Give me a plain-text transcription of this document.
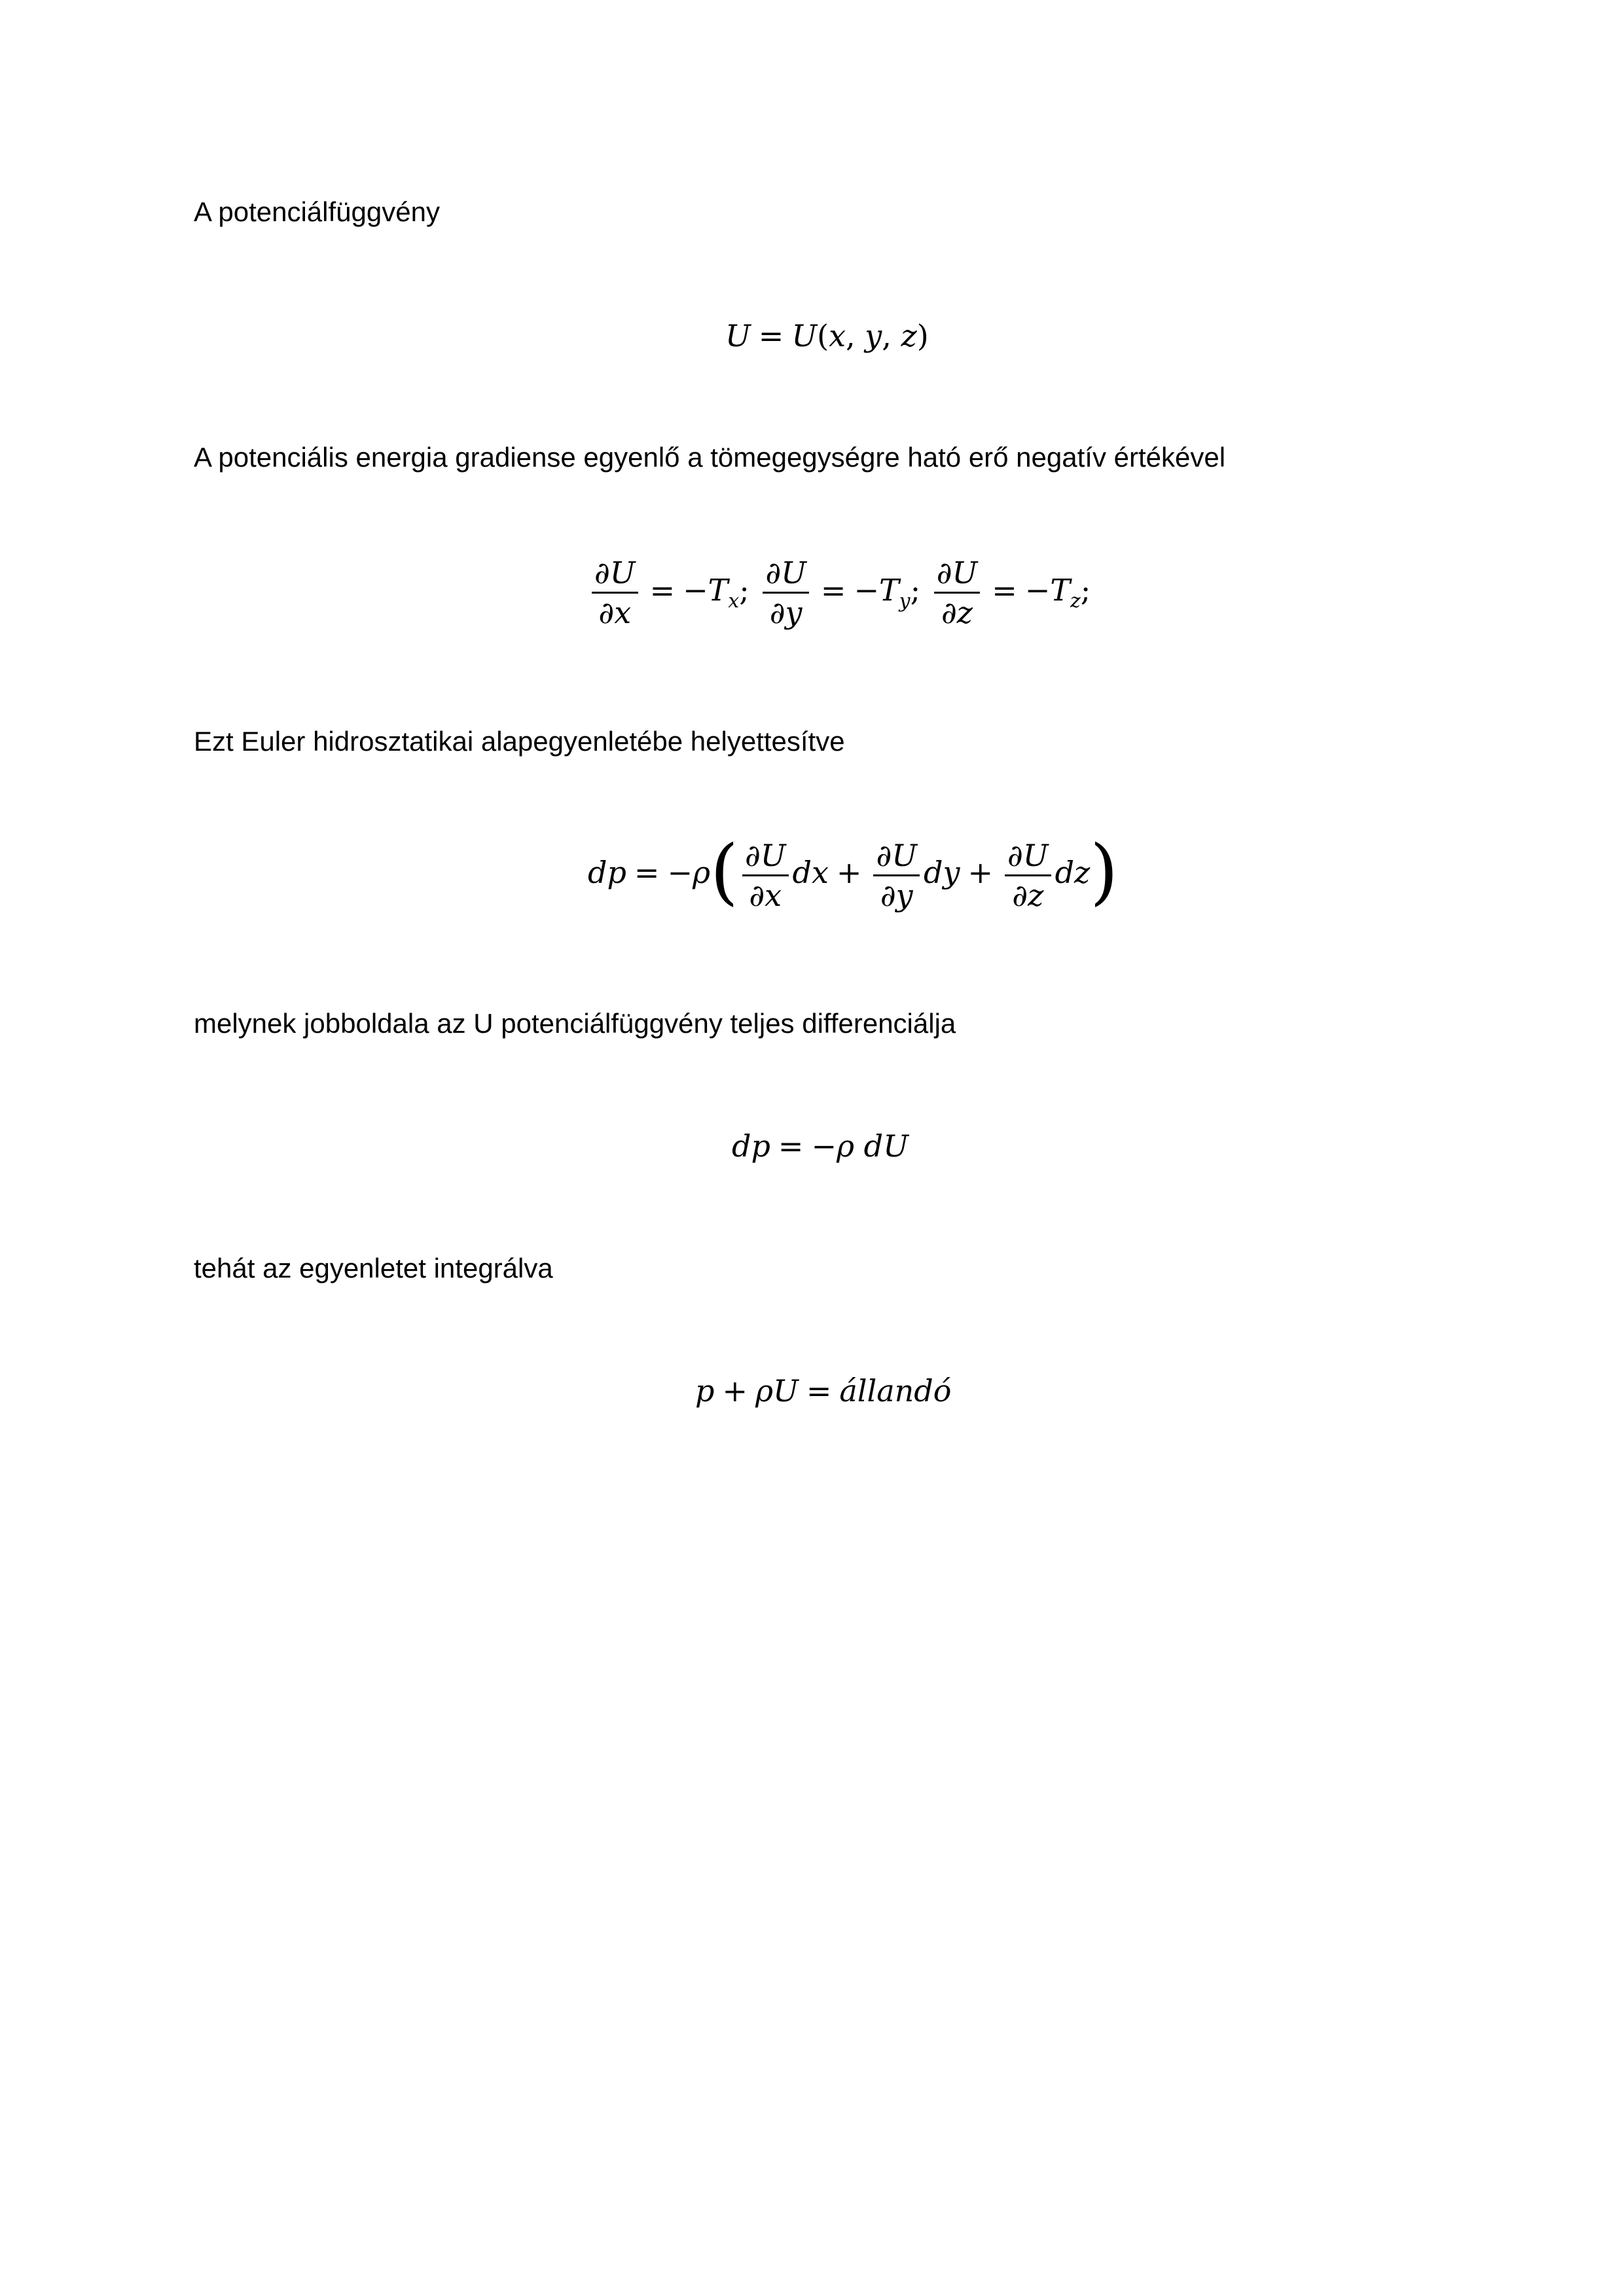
A potenciálfüggvény
U = U(x, y, z)
A potenciális energia gradiense egyenlő a tömegegységre ható erő negatív értékével
$\frac{\partial U}{\partial x} = -T_x$; $\frac{\partial U}{\partial y} = -T_y$; $\frac{\partial U}{\partial z} = -T_z$;
Ezt Euler hidrosztatikai alapegyenletébe helyettesítve
dp = $-\rho( \frac{\partial U}{\partial x}$ dx + $\frac{\partial U}{\partial y}$ dy + $\frac{\partial U}{\partial z} dz$)
melynek jobboldala az U potenciálfüggvény teljes differenciálja
dp = −ρ dU
tehát az egyenletet integrálva
p + ρU = állandó
